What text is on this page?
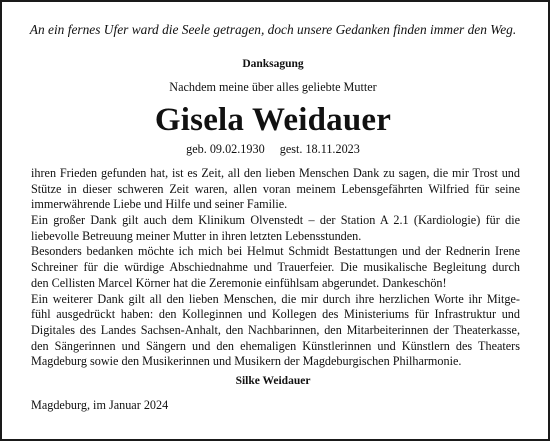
An ein fernes Ufer ward die Seele getragen, doch unsere Gedanken finden immer den Weg.
Danksagung
Nachdem meine über alles geliebte Mutter
Gisela Weidauer
geb. 09.02.1930 gest. 18.11.2023
ihren Frieden gefunden hat, ist es Zeit, all den lieben Menschen Dank zu sagen, die mir Trost und
Stütze in dieser schweren Zeit waren, allen voran meinem Lebensgefährten Wilfried für seine
immerwährende Liebe und Hilfe und seiner Familie.
Ein großer Dank gilt auch dem Klinikum Olvenstedt – der Station A 2.1 (Kardiologie) für die
liebevolle Betreuung meiner Mutter in ihren letzten Lebensstunden.
Besonders bedanken möchte ich mich bei Helmut Schmidt Bestattungen und der Rednerin Irene
Schreiner für die würdige Abschiednahme und Trauerfeier. Die musikalische Begleitung durch
den Cellisten Marcel Körner hat die Zeremonie einfühlsam abgerundet. Dankeschön!
Ein weiterer Dank gilt all den lieben Menschen, die mir durch ihre herzlichen Worte ihr Mitge-
fühl ausgedrückt haben: den Kolleginnen und Kollegen des Ministeriums für Infrastruktur und
Digitales des Landes Sachsen-Anhalt, den Nachbarinnen, den Mitarbeiterinnen der Theaterkasse,
den Sängerinnen und Sängern und den ehemaligen Künstlerinnen und Künstlern des Theaters
Magdeburg sowie den Musikerinnen und Musikern der Magdeburgischen Philharmonie.
Silke Weidauer
Magdeburg, im Januar 2024
